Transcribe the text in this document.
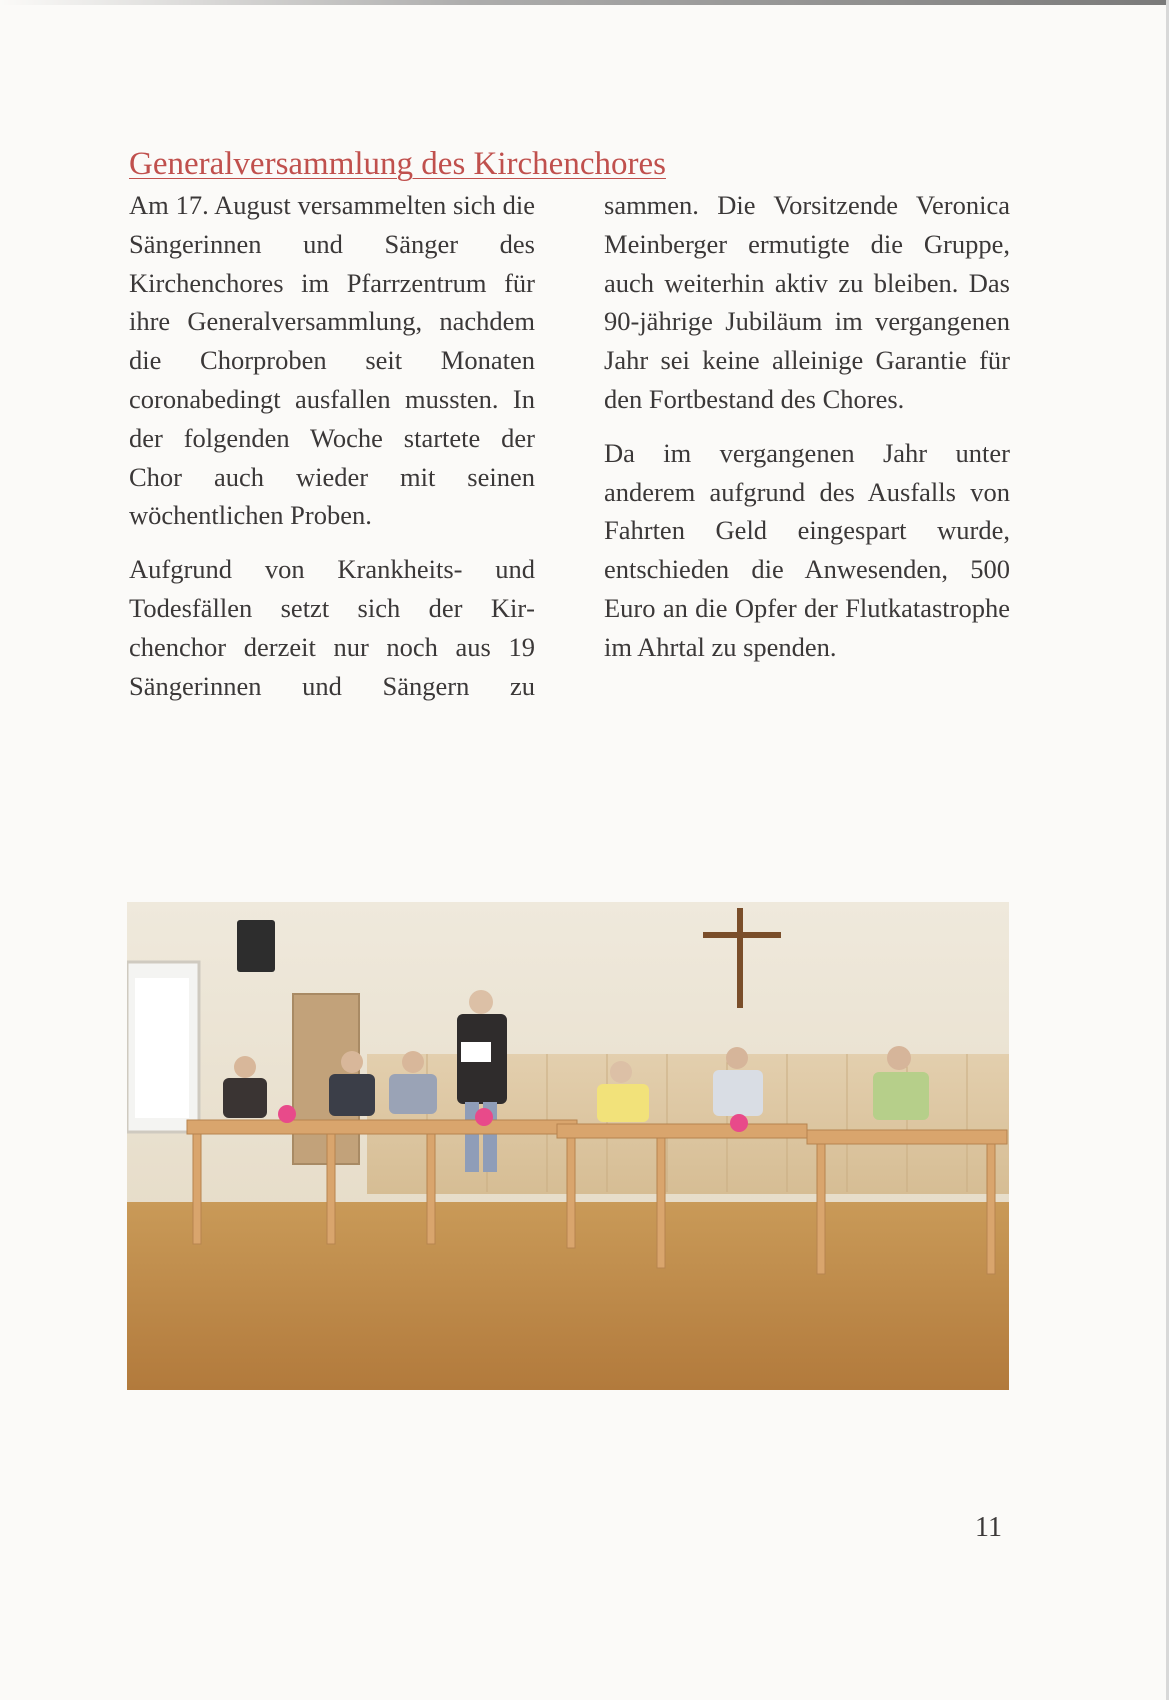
Generalversammlung des Kirchenchores

Am 17. August versammelten sich die Sängerinnen und Sänger des Kirchenchores im Pfarrzentrum für ihre Generalversammlung, nachdem die Chorproben seit Monaten coronabedingt ausfallen mussten. In der folgenden Woche startete der Chor auch wieder mit seinen wöchentlichen Proben.

Aufgrund von Krankheits- und Todesfällen setzt sich der Kirchenchor derzeit nur noch aus 19 Sängerinnen und Sängern zu

sammen. Die Vorsitzende Veronica Meinberger ermutigte die Gruppe, auch weiterhin aktiv zu bleiben. Das 90-jährige Jubiläum im vergangenen Jahr sei keine alleinige Garantie für den Fortbestand des Chores.

Da im vergangenen Jahr unter anderem aufgrund des Ausfalls von Fahrten Geld eingespart wurde, entschieden die Anwesenden, 500 Euro an die Opfer der Flutkatastrophe im Ahrtal zu spenden.

11
